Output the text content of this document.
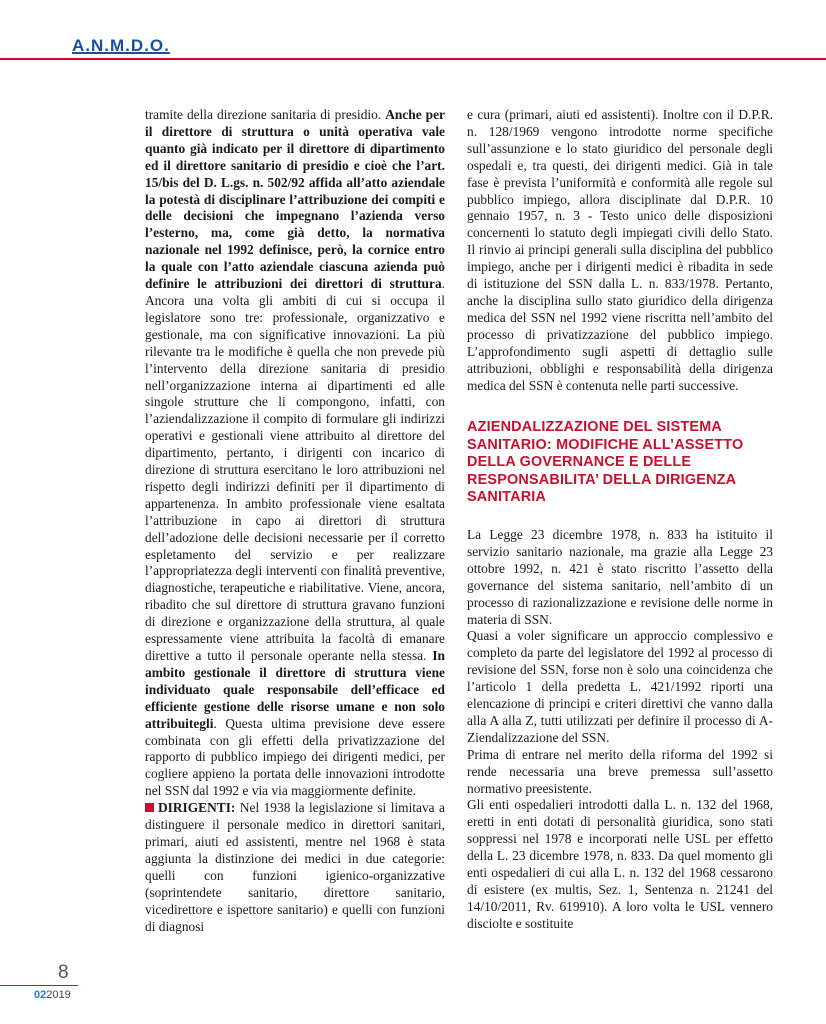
A.N.M.D.O.

tramite della direzione sanitaria di presidio. Anche per il direttore di struttura o unità operativa vale quanto già indicato per il direttore di dipartimento ed il direttore sanitario di presidio e cioè che l’art. 15/bis del D. L.gs. n. 502/92 affida all’atto aziendale la potestà di disciplinare l’attribuzione dei compiti e delle decisioni che impegnano l’azienda verso l’esterno, ma, come già detto, la normativa nazionale nel 1992 definisce, però, la cornice entro la quale con l’atto aziendale ciascuna azienda può definire le attribuzioni dei direttori di struttura. Ancora una volta gli ambiti di cui si occupa il legislatore sono tre: professionale, organizzativo e gestionale, ma con significative innovazioni. La più rilevante tra le modifiche è quella che non prevede più l’intervento della direzione sanitaria di presidio nell’organizzazione interna ai dipartimenti ed alle singole strutture che li compongono, infatti, con l’aziendalizzazione il compito di formulare gli indirizzi operativi e gestionali viene attribuito al direttore del dipartimento, pertanto, i dirigenti con incarico di direzione di struttura esercitano le loro attribuzioni nel rispetto degli indirizzi definiti per il dipartimento di appartenenza. In ambito professionale viene esaltata l’attribuzione in capo ai direttori di struttura dell’adozione delle decisioni necessarie per il corretto espletamento del servizio e per realizzare l’appropriatezza degli interventi con finalità preventive, diagnostiche, terapeutiche e riabilitative. Viene, ancora, ribadito che sul direttore di struttura gravano funzioni di direzione e organizzazione della struttura, al quale espressamente viene attribuita la facoltà di emanare direttive a tutto il personale operante nella stessa. In ambito gestionale il direttore di struttura viene individuato quale responsabile dell’efficace ed efficiente gestione delle risorse umane e non solo attribuitegli. Questa ultima previsione deve essere combinata con gli effetti della privatizzazione del rapporto di pubblico impiego dei dirigenti medici, per cogliere appieno la portata delle innovazioni introdotte nel SSN dal 1992 e via via maggiormente definite.

DIRIGENTI: Nel 1938 la legislazione si limitava a distinguere il personale medico in direttori sanitari, primari, aiuti ed assistenti, mentre nel 1968 è stata aggiunta la distinzione dei medici in due categorie: quelli con funzioni igienico-organizzative (soprintendete sanitario, direttore sanitario, vicedirettore e ispettore sanitario) e quelli con funzioni di diagnosi

e cura (primari, aiuti ed assistenti). Inoltre con il D.P.R. n. 128/1969 vengono introdotte norme specifiche sull’assunzione e lo stato giuridico del personale degli ospedali e, tra questi, dei dirigenti medici. Già in tale fase è prevista l’uniformità e conformità alle regole sul pubblico impiego, allora disciplinate dal D.P.R. 10 gennaio 1957, n. 3 - Testo unico delle disposizioni concernenti lo statuto degli impiegati civili dello Stato. Il rinvio ai principi generali sulla disciplina del pubblico impiego, anche per i dirigenti medici è ribadita in sede di istituzione del SSN dalla L. n. 833/1978. Pertanto, anche la disciplina sullo stato giuridico della dirigenza medica del SSN nel 1992 viene riscritta nell’ambito del processo di privatizzazione del pubblico impiego. L’approfondimento sugli aspetti di dettaglio sulle attribuzioni, obblighi e responsabilità della dirigenza medica del SSN è contenuta nelle parti successive.

AZIENDALIZZAZIONE DEL SISTEMA SANITARIO: MODIFICHE ALL’ASSETTO DELLA GOVERNANCE E DELLE RESPONSABILITA’ DELLA DIRIGENZA SANITARIA

La Legge 23 dicembre 1978, n. 833 ha istituito il servizio sanitario nazionale, ma grazie alla Legge 23 ottobre 1992, n. 421 è stato riscritto l’assetto della governance del sistema sanitario, nell’ambito di un processo di razionalizzazione e revisione delle norme in materia di SSN.

Quasi a voler significare un approccio complessivo e completo da parte del legislatore del 1992 al processo di revisione del SSN, forse non è solo una coincidenza che l’articolo 1 della predetta L. 421/1992 riporti una elencazione di principi e criteri direttivi che vanno dalla alla A alla Z, tutti utilizzati per definire il processo di A-Ziendalizzazione del SSN.

Prima di entrare nel merito della riforma del 1992 si rende necessaria una breve premessa sull’assetto normativo preesistente.

Gli enti ospedalieri introdotti dalla L. n. 132 del 1968, eretti in enti dotati di personalità giuridica, sono stati soppressi nel 1978 e incorporati nelle USL per effetto della L. 23 dicembre 1978, n. 833. Da quel momento gli enti ospedalieri di cui alla L. n. 132 del 1968 cessarono di esistere (ex multis, Sez. 1, Sentenza n. 21241 del 14/10/2011, Rv. 619910). A loro volta le USL vennero disciolte e sostituite

8
022019
